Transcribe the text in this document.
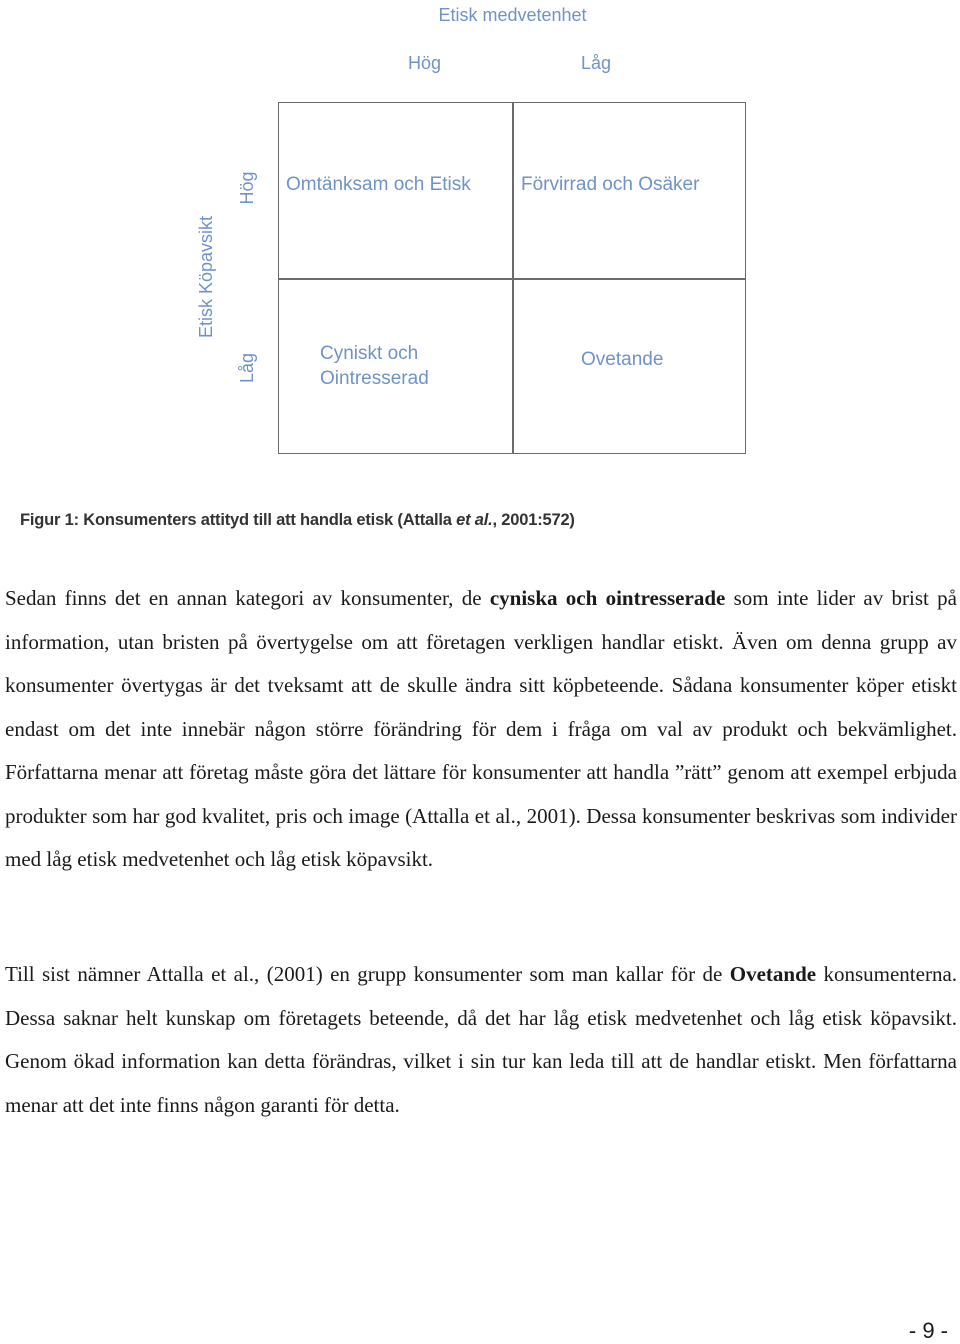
Etisk medvetenhet
Hög	Låg
Etisk Köpavsikt
Hög
Låg
Omtänksam och Etisk	Förvirrad och Osäker
Cyniskt och
Ointresserad
Ovetande
Figur 1: Konsumenters attityd till att handla etisk (Attalla et al., 2001:572)

Sedan finns det en annan kategori av konsumenter, de cyniska och ointresserade som inte lider av brist på information, utan bristen på övertygelse om att företagen verkligen handlar etiskt. Även om denna grupp av konsumenter övertygas är det tveksamt att de skulle ändra sitt köpbeteende. Sådana konsumenter köper etiskt endast om det inte innebär någon större förändring för dem i fråga om val av produkt och bekvämlighet. Författarna menar att företag måste göra det lättare för konsumenter att handla ”rätt” genom att exempel erbjuda produkter som har god kvalitet, pris och image (Attalla et al., 2001). Dessa konsumenter beskrivas som individer med låg etisk medvetenhet och låg etisk köpavsikt.

Till sist nämner Attalla et al., (2001) en grupp konsumenter som man kallar för de Ovetande konsumenterna. Dessa saknar helt kunskap om företagets beteende, då det har låg etisk medvetenhet och låg etisk köpavsikt. Genom ökad information kan detta förändras, vilket i sin tur kan leda till att de handlar etiskt. Men författarna menar att det inte finns någon garanti för detta.

- 9 -
